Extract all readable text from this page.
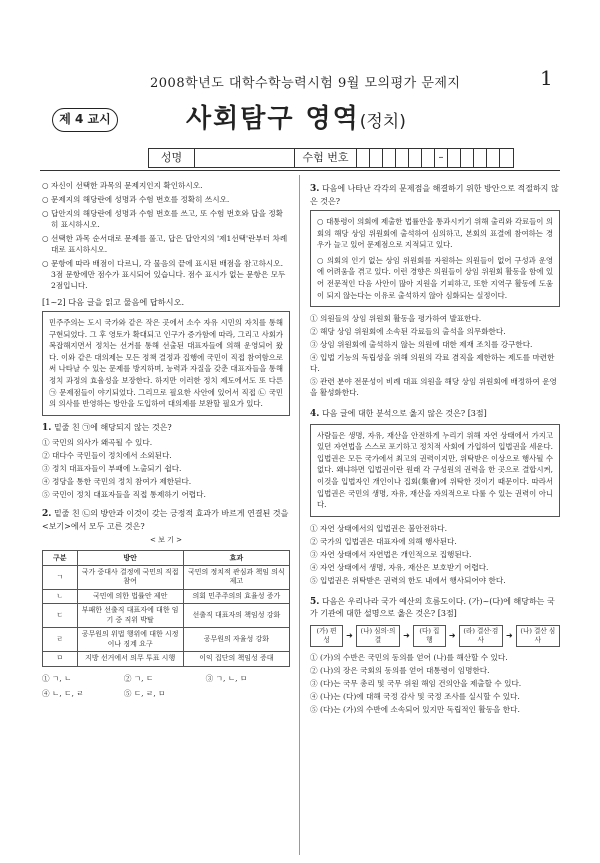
2008학년도 대학수학능력시험 9월 모의평가 문제지	1
제 4 교시	사회탐구 영역(정치)
성명	수험 번호	–
○ 자신이 선택한 과목의 문제지인지 확인하시오.
○ 문제지의 해당란에 성명과 수험 번호를 정확히 쓰시오.
○ 답안지의 해당란에 성명과 수험 번호를 쓰고, 또 수험 번호와 답을 정확히 표시하시오.
○ 선택한 과목 순서대로 문제를 풀고, 답은 답안지의 '제1선택'란부터 차례대로 표시하시오.
○ 문항에 따라 배점이 다르니, 각 물음의 끝에 표시된 배점을 참고하시오. 3점 문항에만 점수가 표시되어 있습니다. 점수 표시가 없는 문항은 모두 2점입니다.
[1~2] 다음 글을 읽고 물음에 답하시오.
민주주의는 도시 국가와 같은 작은 곳에서 소수 자유 시민의 자치를 통해 구현되었다. 그 후 영토가 확대되고 인구가 증가함에 따라, 그리고 사회가 복잡해지면서 정치는 선거를 통해 선출된 대표자들에 의해 운영되어 왔다. 이와 같은 대의제는 모든 정책 결정과 집행에 국민이 직접 참여함으로써 나타날 수 있는 문제를 방지하며, 능력과 자질을 갖춘 대표자들을 통해 정치 과정의 효율성을 보장한다. 하지만 이러한 정치 제도에서도 또 다른 ㉠ 문제점들이 야기되었다. 그리므로 필요한 사안에 있어서 직접 ㉡ 국민의 의사를 반영하는 방안을 도입하여 대의제를 보완할 필요가 있다.
1. 밑줄 친 ㉠에 해당되지 않는 것은?
① 국민의 의사가 왜곡될 수 있다.
② 대다수 국민들이 정치에서 소외된다.
③ 정치 대표자들이 부패에 노출되기 쉽다.
④ 정당을 통한 국민의 정치 참여가 제한된다.
⑤ 국민이 정치 대표자들을 직접 통제하기 어렵다.
2. 밑줄 친 ㉡의 방안과 이것이 갖는 긍정적 효과가 바르게 연결된 것을 <보기>에서 모두 고른 것은?
< 보 기 >
구분	방안	효과
ㄱ	국가 중대사 결정에 국민의 직접 참여	국민의 정치적 관심과 책임 의식 제고
ㄴ	국민에 의한 법률안 제안	의회 민주주의의 효율성 증가
ㄷ	부패한 선출직 대표자에 대한 임기 중 직위 박탈	선출직 대표자의 책임성 강화
ㄹ	공무원의 위법 행위에 대한 시정이나 징계 요구	공무원의 자율성 강화
ㅁ	지방 선거에서 의무 투표 시행	이익 집단의 책임성 증대
① ㄱ, ㄴ	② ㄱ, ㄷ	③ ㄱ, ㄴ, ㅁ
④ ㄴ, ㄷ, ㄹ	⑤ ㄷ, ㄹ, ㅁ
3. 다음에 나타난 각각의 문제점을 해결하기 위한 방안으로 적절하지 않은 것은?
○ 대통령이 의회에 제출한 법률안을 통과시키기 위해 출리와 각료들이 의회의 해당 상임 위원회에 출석하여 심의하고, 본회의 표결에 참여하는 경우가 늘고 있어 문제점으로 지적되고 있다.
○ 의회의 인기 없는 상임 위원회를 자원하는 의원들이 없어 구성과 운영에 어려움을 겪고 있다. 이런 경향은 의원들이 상임 위원회 활동을 함에 있어 전문적인 다음 사안이 많아 지원을 기피하고, 또한 지역구 활동에 도움이 되지 않는다는 이유로 출석하지 않아 심화되는 실정이다.
① 의원들의 상임 위원회 활동을 평가하여 발표한다.
② 해당 상임 위원회에 소속된 각료들의 출석을 의무화한다.
③ 상임 위원회에 출석하지 않는 의원에 대한 제재 조치를 강구한다.
④ 입법 기능의 독립성을 위해 의원의 각료 겸직을 제한하는 제도를 마련한다.
⑤ 관련 분야 전문성이 비례 대표 의원을 해당 상임 위원회에 배정하여 운영을 활성화한다.
4. 다음 글에 대한 분석으로 옳지 않은 것은? [3점]
사람들은 생명, 자유, 재산을 안전하게 누리기 위해 자연 상태에서 가지고 있던 자연법을 스스로 포기하고 정치적 사회에 가입하여 입법권을 세운다. 입법권은 모든 국가에서 최고의 권력이지만, 위탁받은 이상으로 행사될 수 없다. 왜냐하면 입법권이란 원래 각 구성원의 권력을 한 곳으로 결합시켜, 이것을 입법자인 개인이나 집회(集會)에 위탁한 것이기 때문이다. 따라서 입법권은 국민의 생명, 자유, 재산을 자의적으로 다룰 수 있는 권력이 아니다.
① 자연 상태에서의 입법권은 불안전하다.
② 국가의 입법권은 대표자에 의해 행사된다.
③ 자연 상태에서 자연법은 개인적으로 집행된다.
④ 자연 상태에서 생명, 자유, 재산은 보호받기 어렵다.
⑤ 입법권은 위탁받은 권력의 한도 내에서 행사되어야 한다.
5. 다음은 우리나라 국가 예산의 흐름도이다. (가)~(다)에 해당하는 국가 기관에 대한 설명으로 옳은 것은? [3점]
(가) 편 성	➜
(나) 심의·의결	➜
(다) 집 행	➜
(라) 결산·검사	➜
(나) 결산 심사
① (가)의 수반은 국민의 동의를 얻어 (나)를 해산할 수 있다.
② (나)의 장은 국회의 동의를 얻어 대통령이 임명한다.
③ (다)는 국무 총리 및 국무 위원 해임 건의안을 제출할 수 있다.
④ (나)는 (다)에 대해 국정 감사 및 국정 조사를 실시할 수 있다.
⑤ (다)는 (가)의 수반에 소속되어 있지만 독립적인 활동을 한다.
